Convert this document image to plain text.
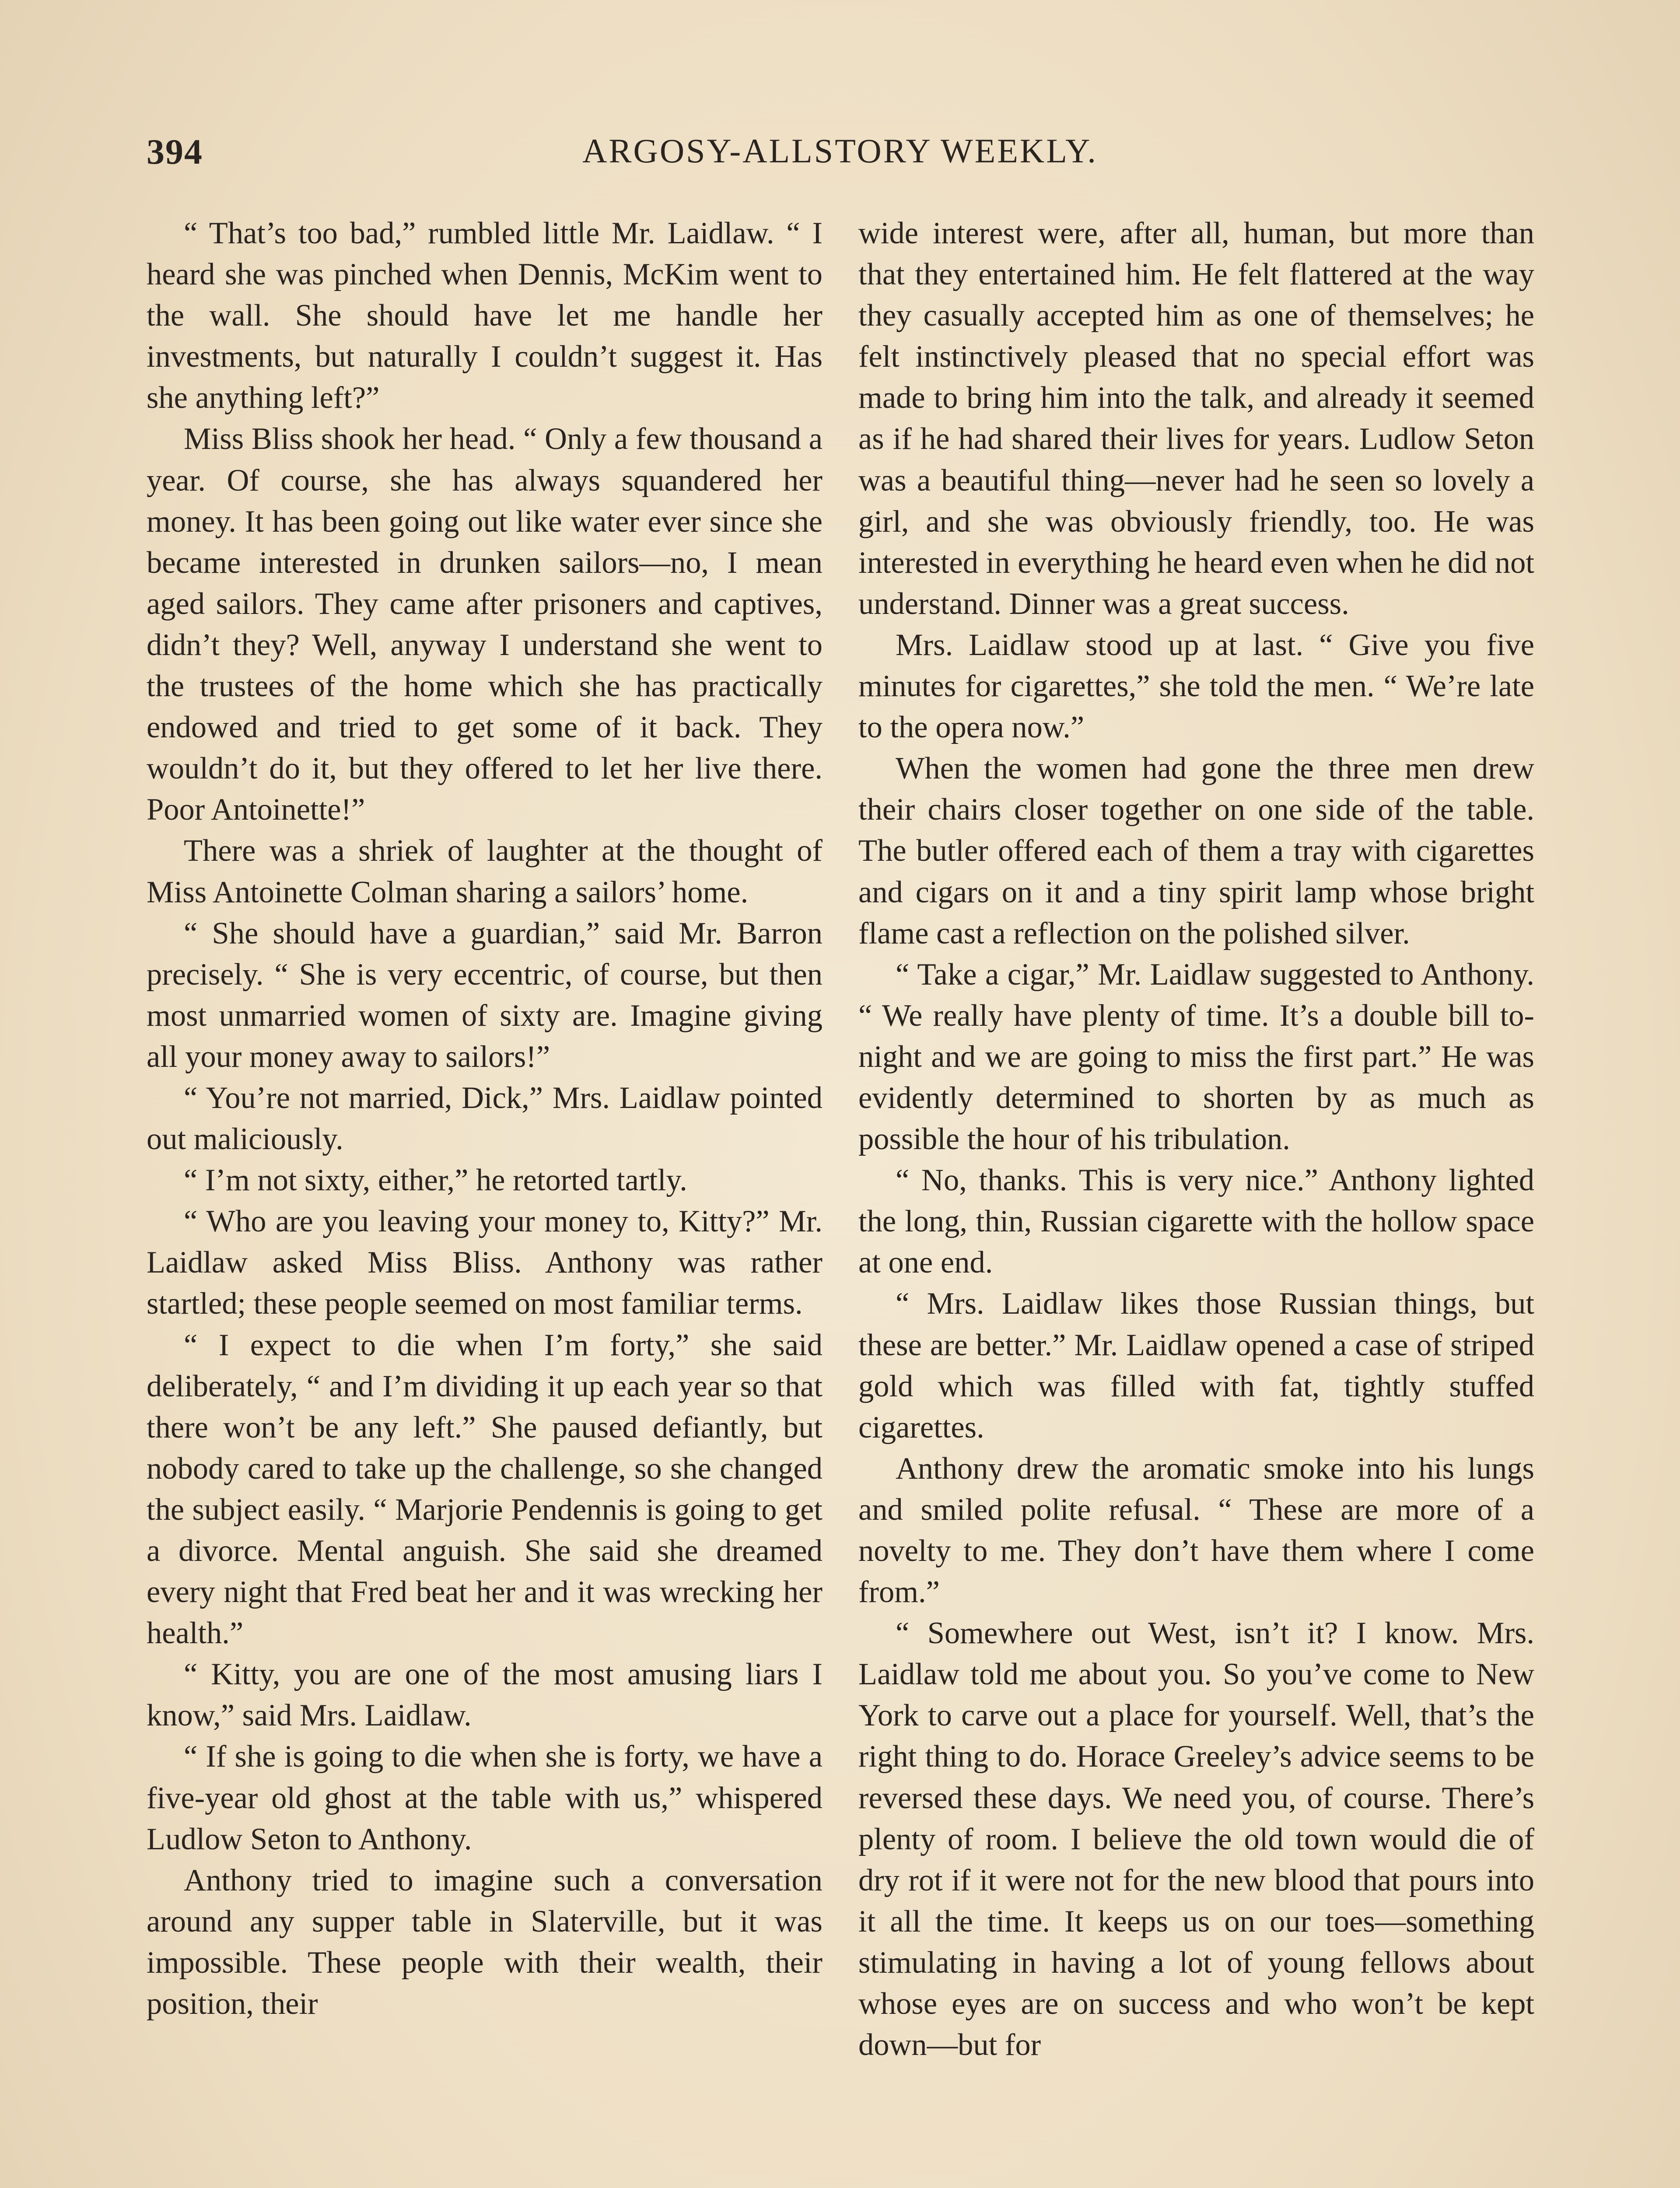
394	ARGOSY-ALLSTORY WEEKLY.

“ That’s too bad,” rumbled little Mr. Laidlaw. “ I heard she was pinched when Dennis, McKim went to the wall. She should have let me handle her investments, but naturally I couldn’t suggest it. Has she anything left?”

Miss Bliss shook her head. “ Only a few thousand a year. Of course, she has always squandered her money. It has been going out like water ever since she became interested in drunken sailors—no, I mean aged sailors. They came after prisoners and captives, didn’t they? Well, anyway I understand she went to the trustees of the home which she has practically endowed and tried to get some of it back. They wouldn’t do it, but they offered to let her live there. Poor Antoinette!”

There was a shriek of laughter at the thought of Miss Antoinette Colman sharing a sailors’ home.

“ She should have a guardian,” said Mr. Barron precisely. “ She is very eccentric, of course, but then most unmarried women of sixty are. Imagine giving all your money away to sailors!”

“ You’re not married, Dick,” Mrs. Laidlaw pointed out maliciously.

“ I’m not sixty, either,” he retorted tartly.

“ Who are you leaving your money to, Kitty?” Mr. Laidlaw asked Miss Bliss. Anthony was rather startled; these people seemed on most familiar terms.

“ I expect to die when I’m forty,” she said deliberately, “ and I’m dividing it up each year so that there won’t be any left.” She paused defiantly, but nobody cared to take up the challenge, so she changed the subject easily. “ Marjorie Pendennis is going to get a divorce. Mental anguish. She said she dreamed every night that Fred beat her and it was wrecking her health.”

“ Kitty, you are one of the most amusing liars I know,” said Mrs. Laidlaw.

“ If she is going to die when she is forty, we have a five-year old ghost at the table with us,” whispered Ludlow Seton to Anthony.

Anthony tried to imagine such a conversation around any supper table in Slaterville, but it was impossible. These people with their wealth, their position, their

wide interest were, after all, human, but more than that they entertained him. He felt flattered at the way they casually accepted him as one of themselves; he felt instinctively pleased that no special effort was made to bring him into the talk, and already it seemed as if he had shared their lives for years. Ludlow Seton was a beautiful thing—never had he seen so lovely a girl, and she was obviously friendly, too. He was interested in everything he heard even when he did not understand. Dinner was a great success.

Mrs. Laidlaw stood up at last. “ Give you five minutes for cigarettes,” she told the men. “ We’re late to the opera now.”

When the women had gone the three men drew their chairs closer together on one side of the table. The butler offered each of them a tray with cigarettes and cigars on it and a tiny spirit lamp whose bright flame cast a reflection on the polished silver.

“ Take a cigar,” Mr. Laidlaw suggested to Anthony. “ We really have plenty of time. It’s a double bill to-night and we are going to miss the first part.” He was evidently determined to shorten by as much as possible the hour of his tribulation.

“ No, thanks. This is very nice.” Anthony lighted the long, thin, Russian cigarette with the hollow space at one end.

“ Mrs. Laidlaw likes those Russian things, but these are better.” Mr. Laidlaw opened a case of striped gold which was filled with fat, tightly stuffed cigarettes.

Anthony drew the aromatic smoke into his lungs and smiled polite refusal. “ These are more of a novelty to me. They don’t have them where I come from.”

“ Somewhere out West, isn’t it? I know. Mrs. Laidlaw told me about you. So you’ve come to New York to carve out a place for yourself. Well, that’s the right thing to do. Horace Greeley’s advice seems to be reversed these days. We need you, of course. There’s plenty of room. I believe the old town would die of dry rot if it were not for the new blood that pours into it all the time. It keeps us on our toes—something stimulating in having a lot of young fellows about whose eyes are on success and who won’t be kept down—but for
